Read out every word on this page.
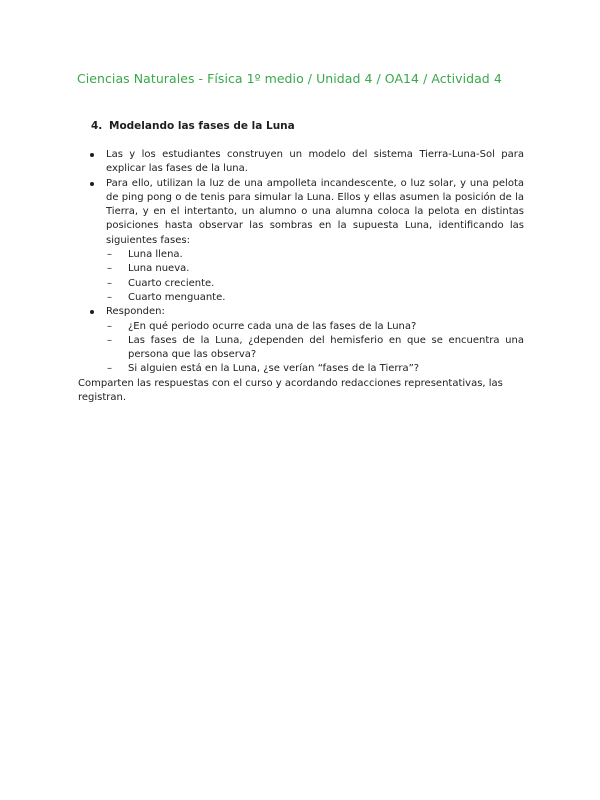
Ciencias Naturales - Física 1º medio / Unidad 4 / OA14 / Actividad 4
4. Modelando las fases de la Luna
Las y los estudiantes construyen un modelo del sistema Tierra-Luna-Sol para explicar las fases de la luna.
Para ello, utilizan la luz de una ampolleta incandescente, o luz solar, y una pelota de ping pong o de tenis para simular la Luna. Ellos y ellas asumen la posición de la Tierra, y en el intertanto, un alumno o una alumna coloca la pelota en distintas posiciones hasta observar las sombras en la supuesta Luna, identificando las siguientes fases:
– Luna llena.
– Luna nueva.
– Cuarto creciente.
– Cuarto menguante.
Responden:
– ¿En qué periodo ocurre cada una de las fases de la Luna?
– Las fases de la Luna, ¿dependen del hemisferio en que se encuentra una persona que las observa?
– Si alguien está en la Luna, ¿se verían “fases de la Tierra”?
Comparten las respuestas con el curso y acordando redacciones representativas, las registran.
